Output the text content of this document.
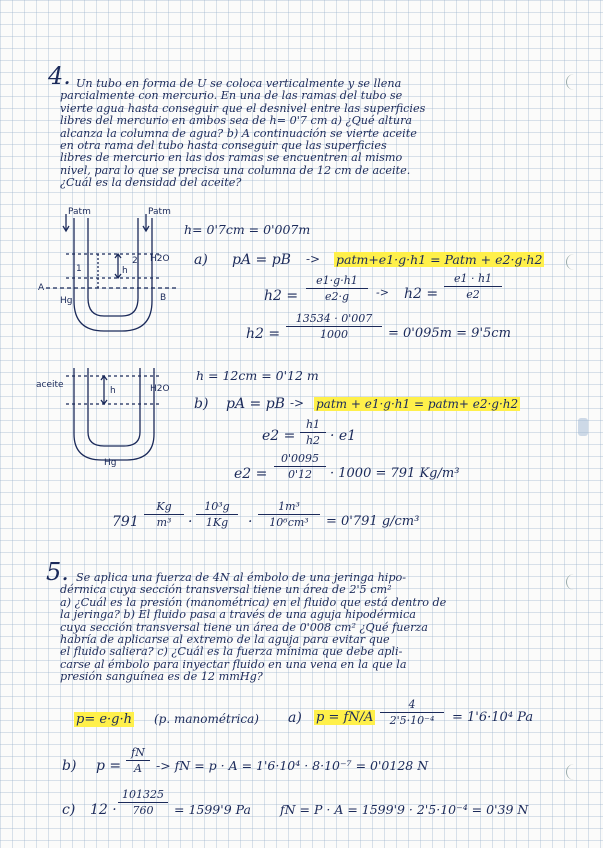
4. Un tubo en forma de U se coloca verticalmente y se llena
parcialmente con mercurio. En una de las ramas del tubo se
vierte agua hasta conseguir que el desnivel entre las superficies
libres del mercurio en ambos sea de h= 0'7 cm a) ¿Qué altura
alcanza la columna de agua? b) A continuación se vierte aceite
en otra rama del tubo hasta conseguir que las superficies
libres de mercurio en las dos ramas se encuentren al mismo
nivel, para lo que se precisa una columna de 12 cm de aceite.
¿Cuál es la densidad del aceite?
Patm	Patm
1
2
h
H2O
A
B
Hg
h= 0'7cm = 0'007m
a) pA = pB -> patm+e1·g·h1 = Patm + e2·g·h2
$h2 = \frac{e1\cdot g\cdot h1}{e2\cdot g} -> h2 = \frac{e1 \cdot h1}{e2}$
$h2 = \frac{13534 \cdot 0'007}{1000} = 0'095m = 9'5cm$
aceite
h	H2O
Hg
h = 12cm = 0'12 m
b) pA = pB -> patm + e1·g·h1 = patm+ e2·g·h2
$e2 = \frac{h1}{h2} \cdot e1$
$e2 = \frac{0'0095}{0'12} \cdot 1000 = 791$ Kg/m³
$791 \frac{Kg}{\text{m³}} \cdot \frac{\text{10³g}}{1Kg} \cdot \frac{\text{1m³}}{\text{10⁶cm³}} = 0'791$ g/cm³
5. Se aplica una fuerza de 4N al émbolo de una jeringa hipo-
dérmica cuya sección transversal tiene un área de 2'5 cm²
a) ¿Cuál es la presión (manométrica) en el fluido que está dentro de
la jeringa? b) El fluido pasa a través de una aguja hipodérmica
cuya sección transversal tiene un área de 0'008 cm² ¿Qué fuerza
habría de aplicarse al extremo de la aguja para evitar que
el fluido saliera? c) ¿Cuál es la fuerza mínima que debe apli-
carse al émbolo para inyectar fluido en una vena en la que la
presión sanguínea es de 12 mmHg?
p= e·g·h (p. manométrica) a) $p = fN/A \frac{4}{\text{2'5·10⁻⁴}} = 1'6\cdot 10^4$ Pa
b) $p = \frac{fN}{A}$ -> fN = p · A = 1'6·10⁴ · 8·10⁻⁷ = 0'0128 N
c) $12 \cdot \frac{101325}{760} = 1599'9$ Pa fN = P · A = 1599'9 · 2'5·10⁻⁴ = 0'39 N
